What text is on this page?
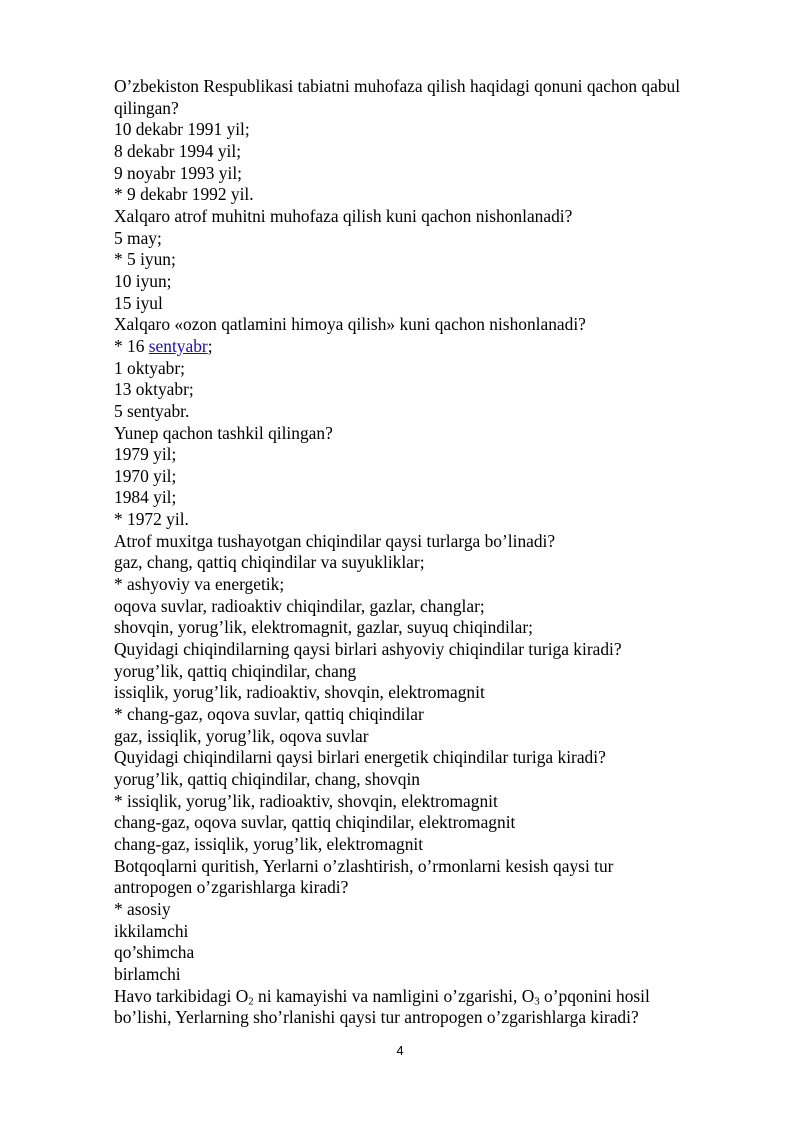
O’zbekiston Respublikasi tabiatni muhofaza qilish haqidagi qonuni qachon qabul
qilingan?
10 dekabr 1991 yil;
8 dekabr 1994 yil;
9 noyabr 1993 yil;
* 9 dekabr 1992 yil.
Xalqaro atrof muhitni muhofaza qilish kuni qachon nishonlanadi?
5 may;
* 5 iyun;
10 iyun;
15 iyul
Xalqaro «ozon qatlamini himoya qilish» kuni qachon nishonlanadi?
* 16 sentyabr;
1 oktyabr;
13 oktyabr;
5 sentyabr.
Yunep qachon tashkil qilingan?
1979 yil;
1970 yil;
1984 yil;
* 1972 yil.
Atrof muxitga tushayotgan chiqindilar qaysi turlarga bo’linadi?
gaz, chang, qattiq chiqindilar va suyukliklar;
* ashyoviy va energetik;
oqova suvlar, radioaktiv chiqindilar, gazlar, changlar;
shovqin, yorug’lik, elektromagnit, gazlar, suyuq chiqindilar;
Quyidagi chiqindilarning qaysi birlari ashyoviy chiqindilar turiga kiradi?
yorug’lik, qattiq chiqindilar, chang
issiqlik, yorug’lik, radioaktiv, shovqin, elektromagnit
* chang-gaz, oqova suvlar, qattiq chiqindilar
gaz, issiqlik, yorug’lik, oqova suvlar
Quyidagi chiqindilarni qaysi birlari energetik chiqindilar turiga kiradi?
yorug’lik, qattiq chiqindilar, chang, shovqin
* issiqlik, yorug’lik, radioaktiv, shovqin, elektromagnit
chang-gaz, oqova suvlar, qattiq chiqindilar, elektromagnit
chang-gaz, issiqlik, yorug’lik, elektromagnit
Botqoqlarni quritish, Yerlarni o’zlashtirish, o’rmonlarni kesish qaysi tur
antropogen o’zgarishlarga kiradi?
* asosiy
ikkilamchi
qo’shimcha
birlamchi
Havo tarkibidagi $O_2$ ni kamayishi va namligini o’zgarishi, $O_3$ o’pqonini hosil
bo’lishi, Yerlarning sho’rlanishi qaysi tur antropogen o’zgarishlarga kiradi?
4
